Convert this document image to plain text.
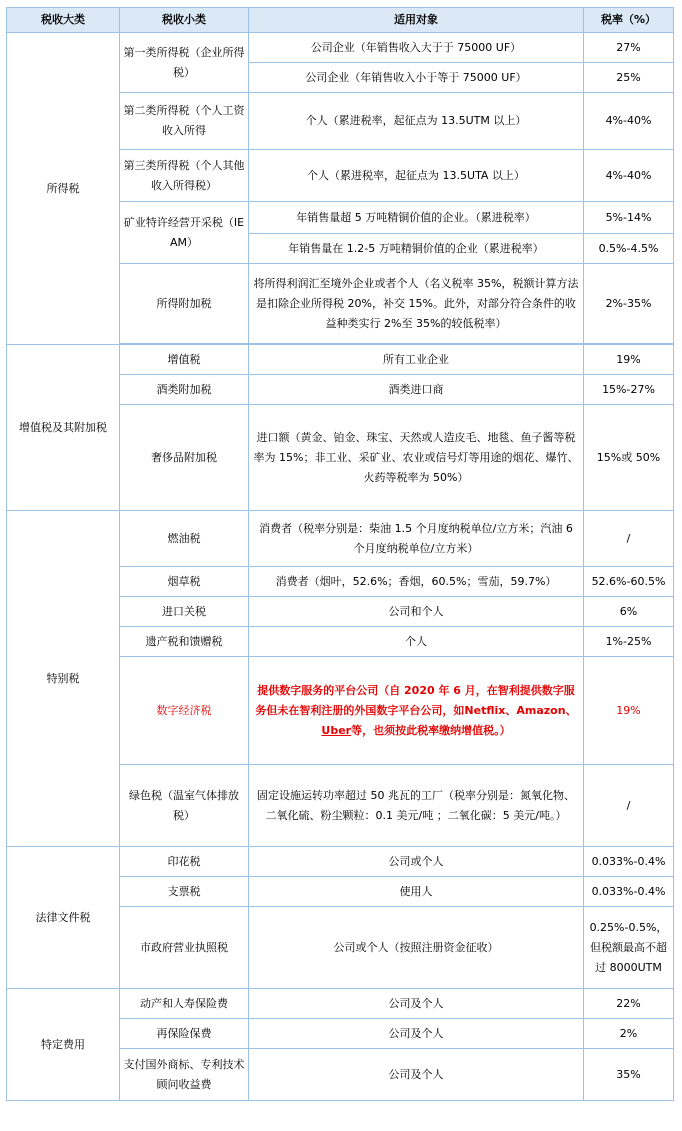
税收大类	税收小类	适用对象	税率（%）
所得税	第一类所得税（企业所得税）	公司企业（年销售收入大于于 75000 UF）	27%
		公司企业（年销售收入小于等于 75000 UF）	25%
	第二类所得税（个人工资收入所得	个人（累进税率，起征点为 13.5UTM 以上）	4%-40%
	第三类所得税（个人其他收入所得税）	个人（累进税率，起征点为 13.5UTA 以上）	4%-40%
	矿业特许经营开采税（IEAM）	年销售量超 5 万吨精铜价值的企业。（累进税率）	5%-14%
		年销售量在 1.2-5 万吨精铜价值的企业（累进税率）	0.5%-4.5%
	所得附加税	将所得利润汇至境外企业或者个人（名义税率 35%，税额计算方法是扣除企业所得税 20%，补交 15%。此外，对部分符合条件的收益种类实行 2%至 35%的较低税率）	2%-35%

增值税及其附加税	增值税	所有工业企业	19%
	酒类附加税	酒类进口商	15%-27%
	奢侈品附加税	进口额（黄金、铂金、珠宝、天然或人造皮毛、地毯、鱼子酱等税率为 15%；非工业、采矿业、农业或信号灯等用途的烟花、爆竹、火药等税率为 50%）	15%或 50%
特别税	燃油税	消费者（税率分别是：柴油 1.5 个月度纳税单位/立方米；汽油 6 个月度纳税单位/立方米）	/
	烟草税	消费者（烟叶，52.6%；香烟，60.5%；雪茄，59.7%）	52.6%-60.5%
	进口关税	公司和个人	6%
	遗产税和馈赠税	个人	1%-25%
	数字经济税	提供数字服务的平台公司（自 2020 年 6 月，在智利提供数字服务但未在智利注册的外国数字平台公司，如Netflix、Amazon、Uber等，也须按此税率缴纳增值税。）	19%
	绿色税（温室气体排放税）	固定设施运转功率超过 50 兆瓦的工厂（税率分别是：氮氧化物、二氧化硫、粉尘颗粒：0.1 美元/吨 ；二氧化碳：5 美元/吨。）	/
法律文件税	印花税	公司或个人	0.033%-0.4%
	支票税	使用人	0.033%-0.4%
	市政府营业执照税	公司或个人（按照注册资金征收）	0.25%-0.5%，但税额最高不超过 8000UTM
特定费用	动产和人寿保险费	公司及个人	22%
	再保险保费	公司及个人	2%
	支付国外商标、专利技术顾问收益费	公司及个人	35%
